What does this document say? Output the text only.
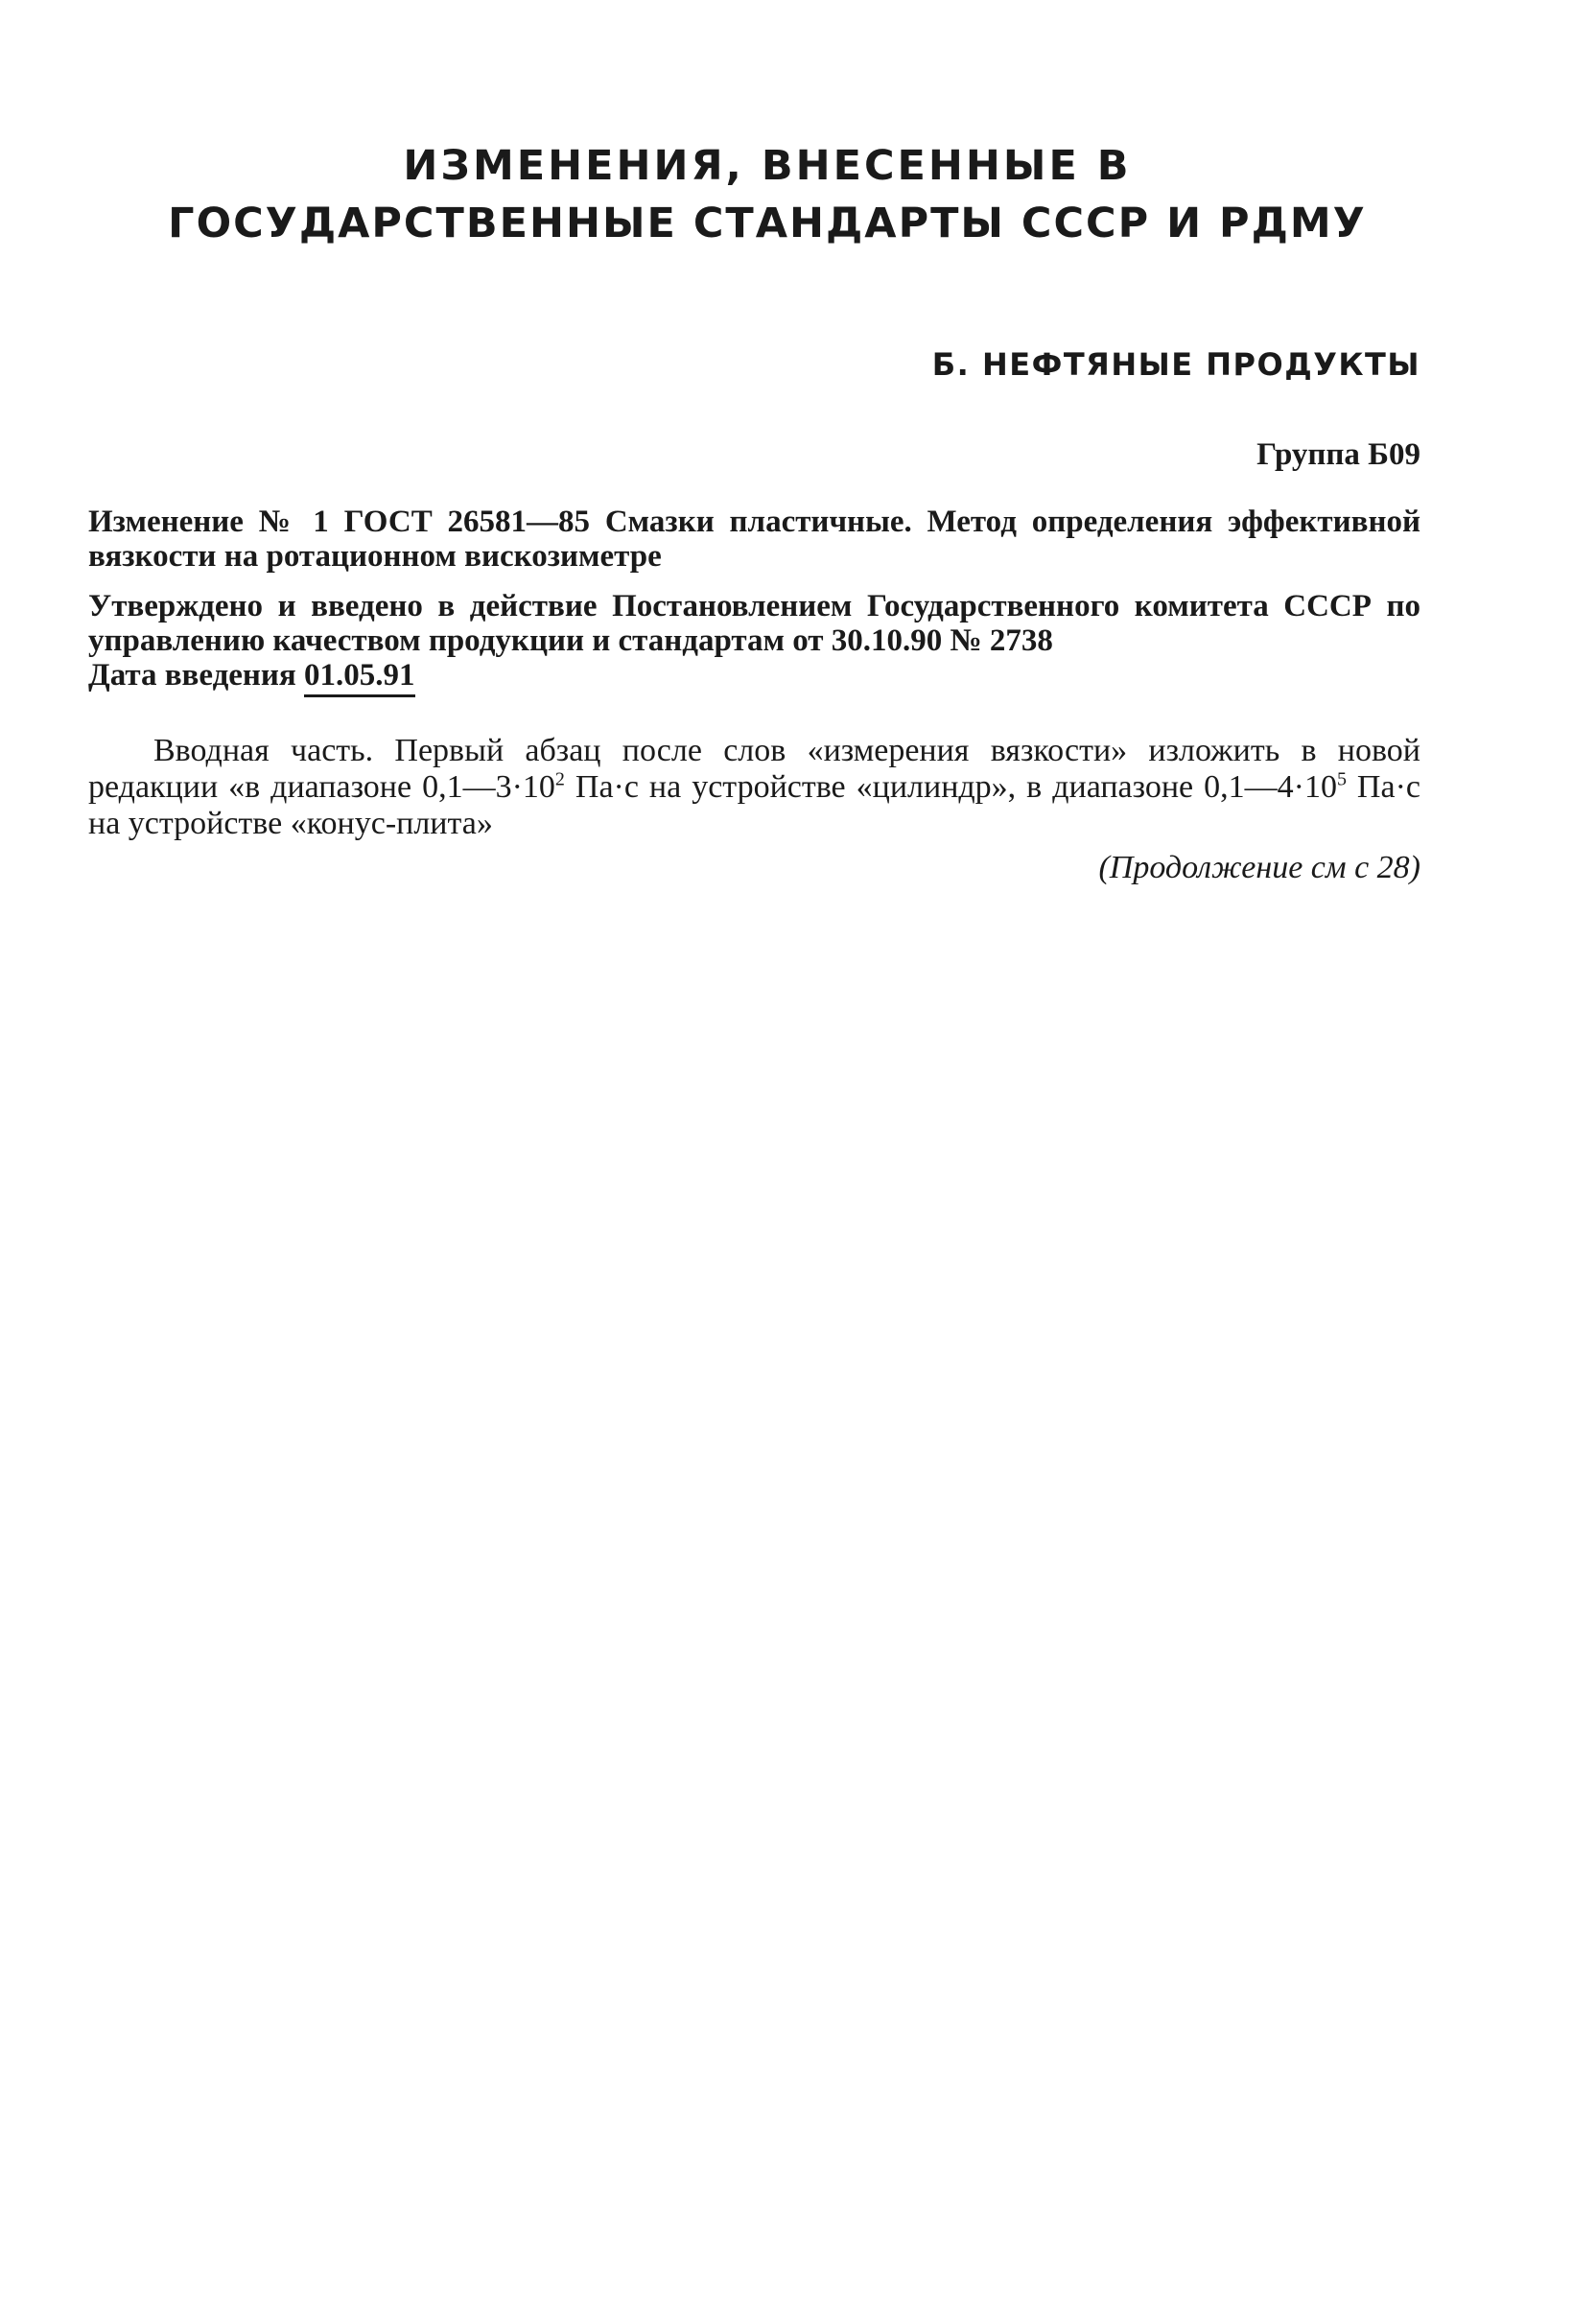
ИЗМЕНЕНИЯ, ВНЕСЕННЫЕ В
ГОСУДАРСТВЕННЫЕ СТАНДАРТЫ СССР И РДМУ
Б. НЕФТЯНЫЕ ПРОДУКТЫ
Группа Б09
Изменение № 1 ГОСТ 26581—85 Смазки пластичные. Метод определения эффективной вязкости на ротационном вискозиметре
Утверждено и введено в действие Постановлением Государственного комитета СССР по управлению качеством продукции и стандартам от 30.10.90 № 2738
Дата введения 01.05.91

Вводная часть. Первый абзац после слов «измерения вязкости» изложить в новой редакции «в диапазоне $0,1—3\cdot 10^2$ Па·с на устройстве «цилиндр», в диапазоне $0,1—4\cdot 10^5$ Па·с на устройстве «конус-плита»

(Продолжение см с 28)
